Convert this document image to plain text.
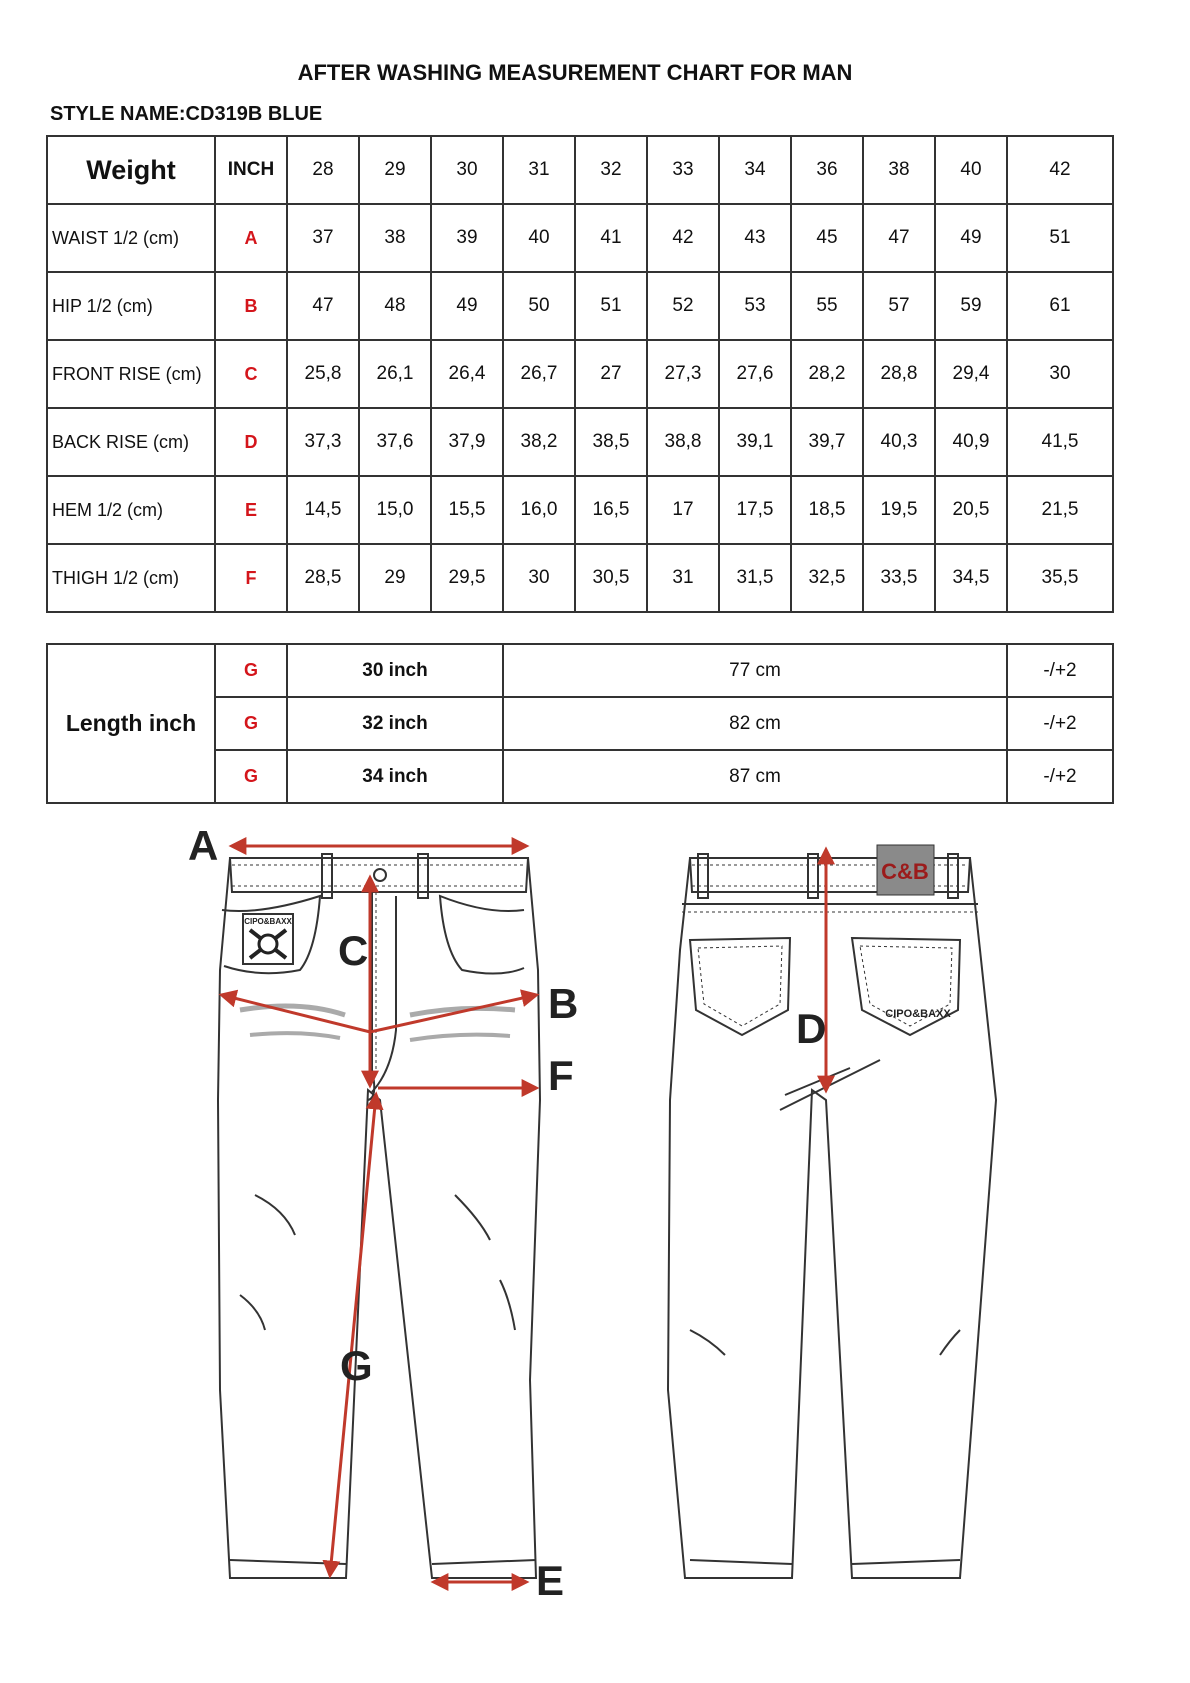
AFTER WASHING MEASUREMENT CHART FOR MAN
STYLE NAME:CD319B BLUE
Weight	INCH	28	29	30	31	32	33	34	36	38	40	42
WAIST 1/2 (cm)	A	37	38	39	40	41	42	43	45	47	49	51
HIP 1/2 (cm)	B	47	48	49	50	51	52	53	55	57	59	61
FRONT RISE (cm)	C	25,8	26,1	26,4	26,7	27	27,3	27,6	28,2	28,8	29,4	30
BACK RISE (cm)	D	37,3	37,6	37,9	38,2	38,5	38,8	39,1	39,7	40,3	40,9	41,5
HEM 1/2 (cm)	E	14,5	15,0	15,5	16,0	16,5	17	17,5	18,5	19,5	20,5	21,5
THIGH 1/2 (cm)	F	28,5	29	29,5	30	30,5	31	31,5	32,5	33,5	34,5	35,5
Length inch	G	30 inch	77 cm	-/+2
	G	32 inch	82 cm	-/+2
	G	34 inch	87 cm	-/+2
CIPO&BAXX
C&B
CIPO&BAXX
A
C
B
F
G
E
D
